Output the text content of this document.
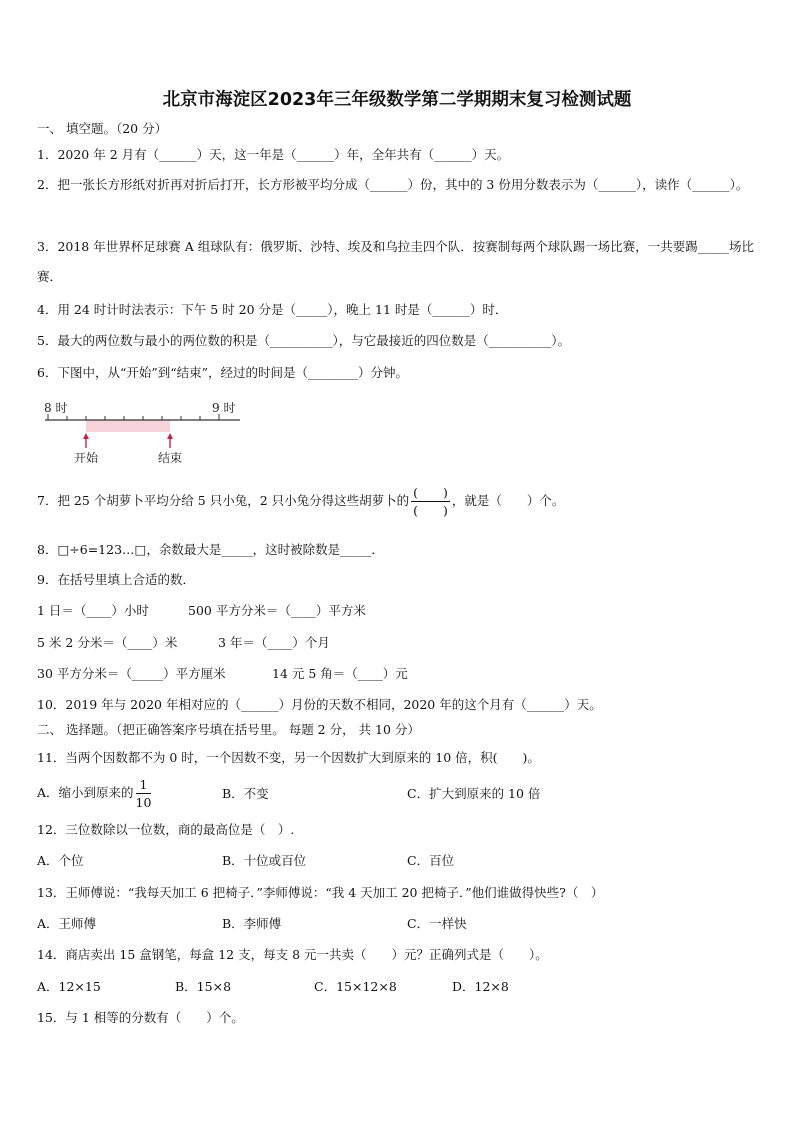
北京市海淀区2023年三年级数学第二学期期末复习检测试题
一、 填空题。（20 分）
1．2020 年 2 月有（______）天，这一年是（______）年，全年共有（______）天。
2．把一张长方形纸对折再对折后打开，长方形被平均分成（______）份，其中的 3 份用分数表示为（______），读作（______）。
3．2018 年世界杯足球赛 A 组球队有：俄罗斯、沙特、埃及和乌拉圭四个队．按赛制每两个球队踢一场比赛，一共要踢_____场比赛．
4．用 24 时计时法表示：下午 5 时 20 分是（_____），晚上 11 时是（______）时．
5．最大的两位数与最小的两位数的积是（__________），与它最接近的四位数是（__________）。
6．下图中，从“开始”到“结束”，经过的时间是（________）分钟。
8 时	9 时
开始	结束
7．把 25 个胡萝卜平均分给 5 只小兔，2 只小兔分得这些胡萝卜的 $\frac{( )}{( )}$ ，就是（　　）个。
8．□÷6=123…□，余数最大是_____，这时被除数是_____．
9．在括号里填上合适的数．
1 日＝（____）小时	500 平方分米＝（____）平方米
5 米 2 分米＝（____）米	3 年＝（____）个月
30 平方分米＝（_____）平方厘米	14 元 5 角＝（____）元
10．2019 年与 2020 年相对应的（______）月份的天数不相同，2020 年的这个月有（______）天。
二、 选择题。（把正确答案序号填在括号里。 每题 2 分， 共 10 分）
11．当两个因数都不为 0 时，一个因数不变，另一个因数扩大到原来的 10 倍，积(　　)。
A．缩小到原来的 $\frac{1}{10}$	B．不变	C．扩大到原来的 10 倍
12．三位数除以一位数，商的最高位是（　）.
A．个位	B．十位或百位	C．百位
13．王师傅说：“我每天加工 6 把椅子．”李师傅说：“我 4 天加工 20 把椅子．”他们谁做得快些?（　）
A．王师傅	B．李师傅	C．一样快
14．商店卖出 15 盒钢笔，每盒 12 支，每支 8 元一共卖（　　）元？正确列式是（　　）。
A．12×15	B．15×8	C．15×12×8	D．12×8
15．与 1 相等的分数有（　　）个。
